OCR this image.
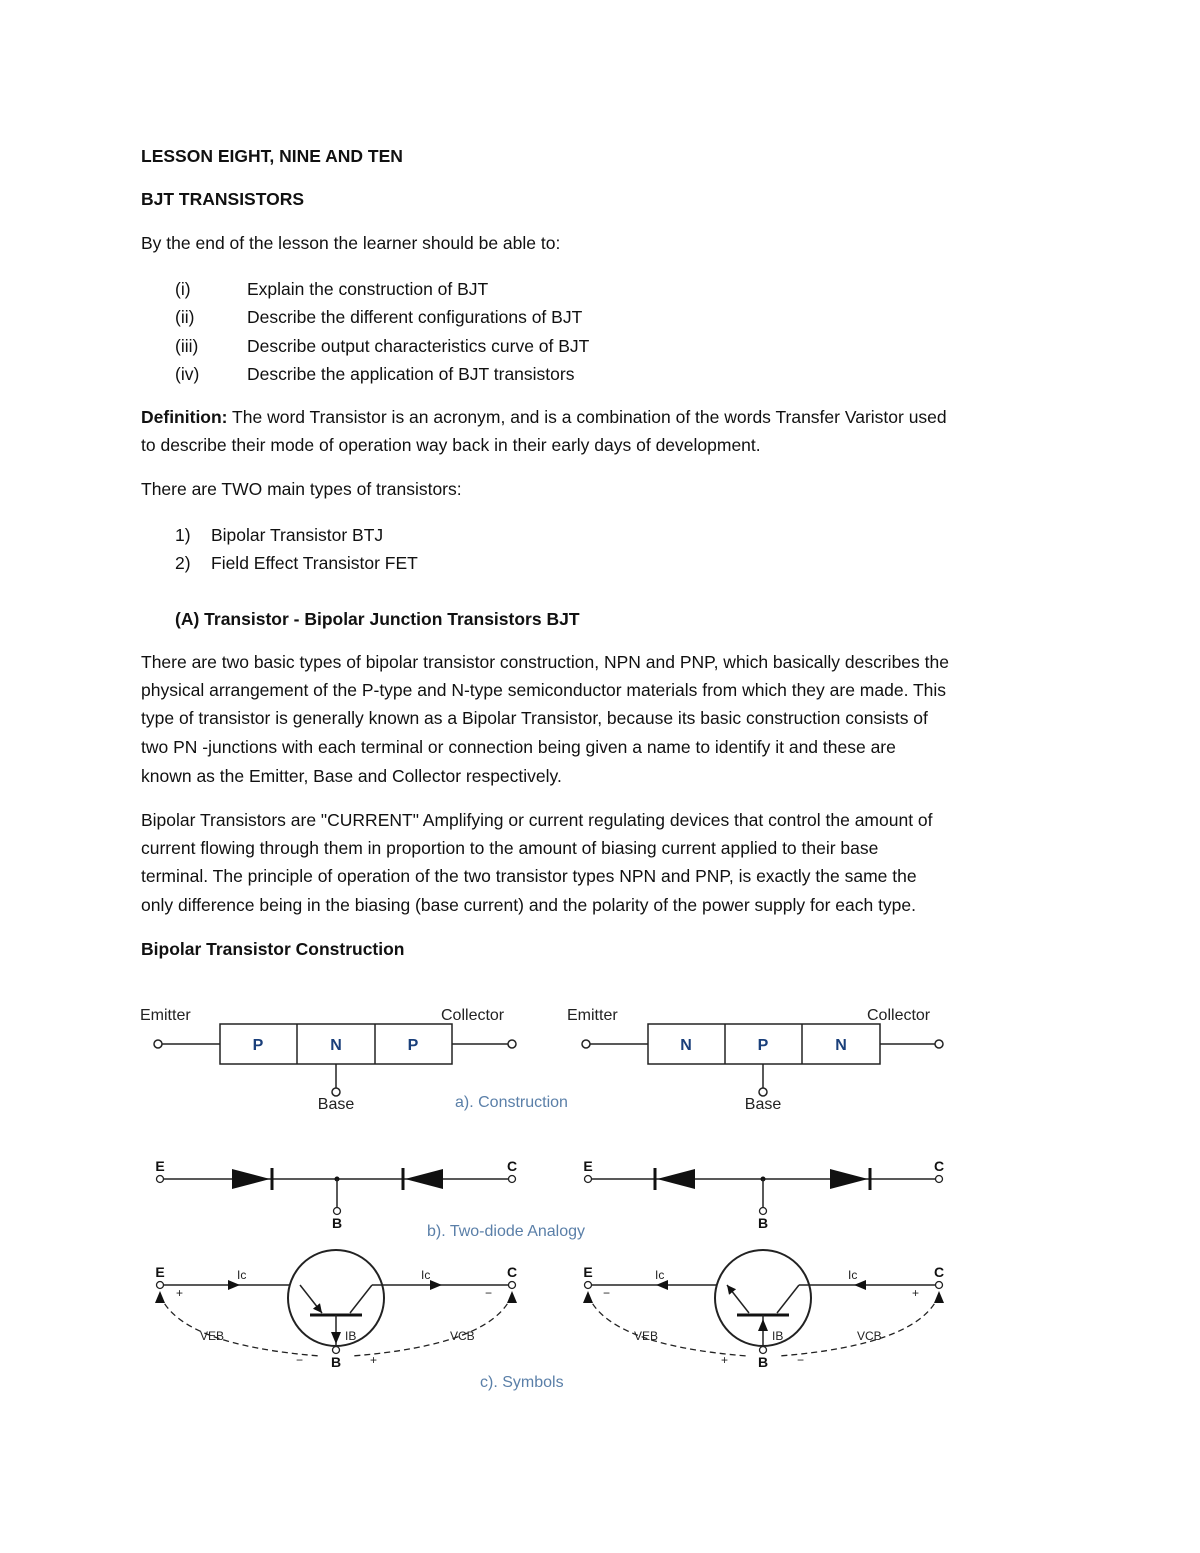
LESSON EIGHT, NINE AND TEN
BJT TRANSISTORS
By the end of the lesson the learner should be able to:
(i)	Explain the construction of BJT
(ii)	Describe the different configurations of BJT
(iii)	Describe output characteristics curve of BJT
(iv)	Describe the application of BJT transistors
Definition: The word Transistor is an acronym, and is a combination of the words Transfer Varistor used
to describe their mode of operation way back in their early days of development.
There are TWO main types of transistors:
1) Bipolar Transistor BTJ
2) Field Effect Transistor FET
(A) Transistor - Bipolar Junction Transistors BJT
There are two basic types of bipolar transistor construction, NPN and PNP, which basically describes the
physical arrangement of the P-type and N-type semiconductor materials from which they are made. This
type of transistor is generally known as a Bipolar Transistor, because its basic construction consists of
two PN -junctions with each terminal or connection being given a name to identify it and these are
known as the Emitter, Base and Collector respectively.
Bipolar Transistors are "CURRENT" Amplifying or current regulating devices that control the amount of
current flowing through them in proportion to the amount of biasing current applied to their base
terminal. The principle of operation of the two transistor types NPN and PNP, is exactly the same the
only difference being in the biasing (base current) and the polarity of the power supply for each type.
Bipolar Transistor Construction
Emitter	Collector
P	N	P
Base	a). Construction
Emitter	Collector
N	P	N
Base
E
B
C
b). Two-diode Analogy
E
B
C
E	Ic	Ic	C
IB
B
+	−
−	+
VEB	VCB
E	Ic	Ic	C
IB
B
−	+
+	−
VEB	VCB
c). Symbols
